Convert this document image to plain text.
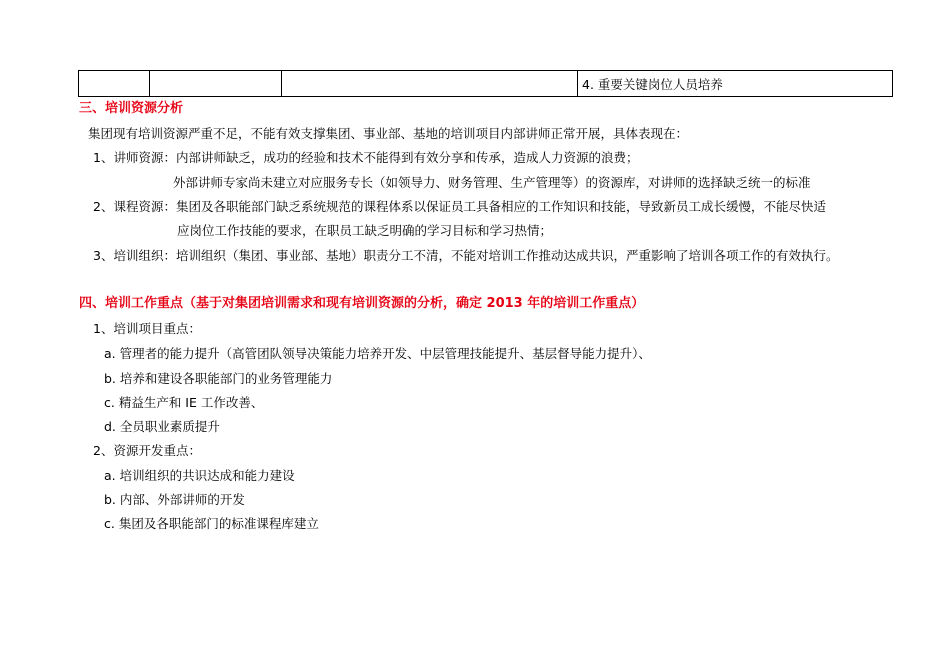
			4. 重要关键岗位人员培养
三、培训资源分析
集团现有培训资源严重不足，不能有效支撑集团、事业部、基地的培训项目内部讲师正常开展，具体表现在：
1、讲师资源：内部讲师缺乏，成功的经验和技术不能得到有效分享和传承，造成人力资源的浪费；
外部讲师专家尚未建立对应服务专长（如领导力、财务管理、生产管理等）的资源库，对讲师的选择缺乏统一的标准
2、课程资源：集团及各职能部门缺乏系统规范的课程体系以保证员工具备相应的工作知识和技能，导致新员工成长缓慢，不能尽快适
应岗位工作技能的要求，在职员工缺乏明确的学习目标和学习热情；
3、培训组织：培训组织（集团、事业部、基地）职责分工不清，不能对培训工作推动达成共识，严重影响了培训各项工作的有效执行。
四、培训工作重点（基于对集团培训需求和现有培训资源的分析，确定 2013 年的培训工作重点）
1、培训项目重点：
a. 管理者的能力提升（高管团队领导决策能力培养开发、中层管理技能提升、基层督导能力提升）、
b. 培养和建设各职能部门的业务管理能力
c. 精益生产和 IE 工作改善、
d. 全员职业素质提升
2、资源开发重点：
a. 培训组织的共识达成和能力建设
b. 内部、外部讲师的开发
c. 集团及各职能部门的标准课程库建立
